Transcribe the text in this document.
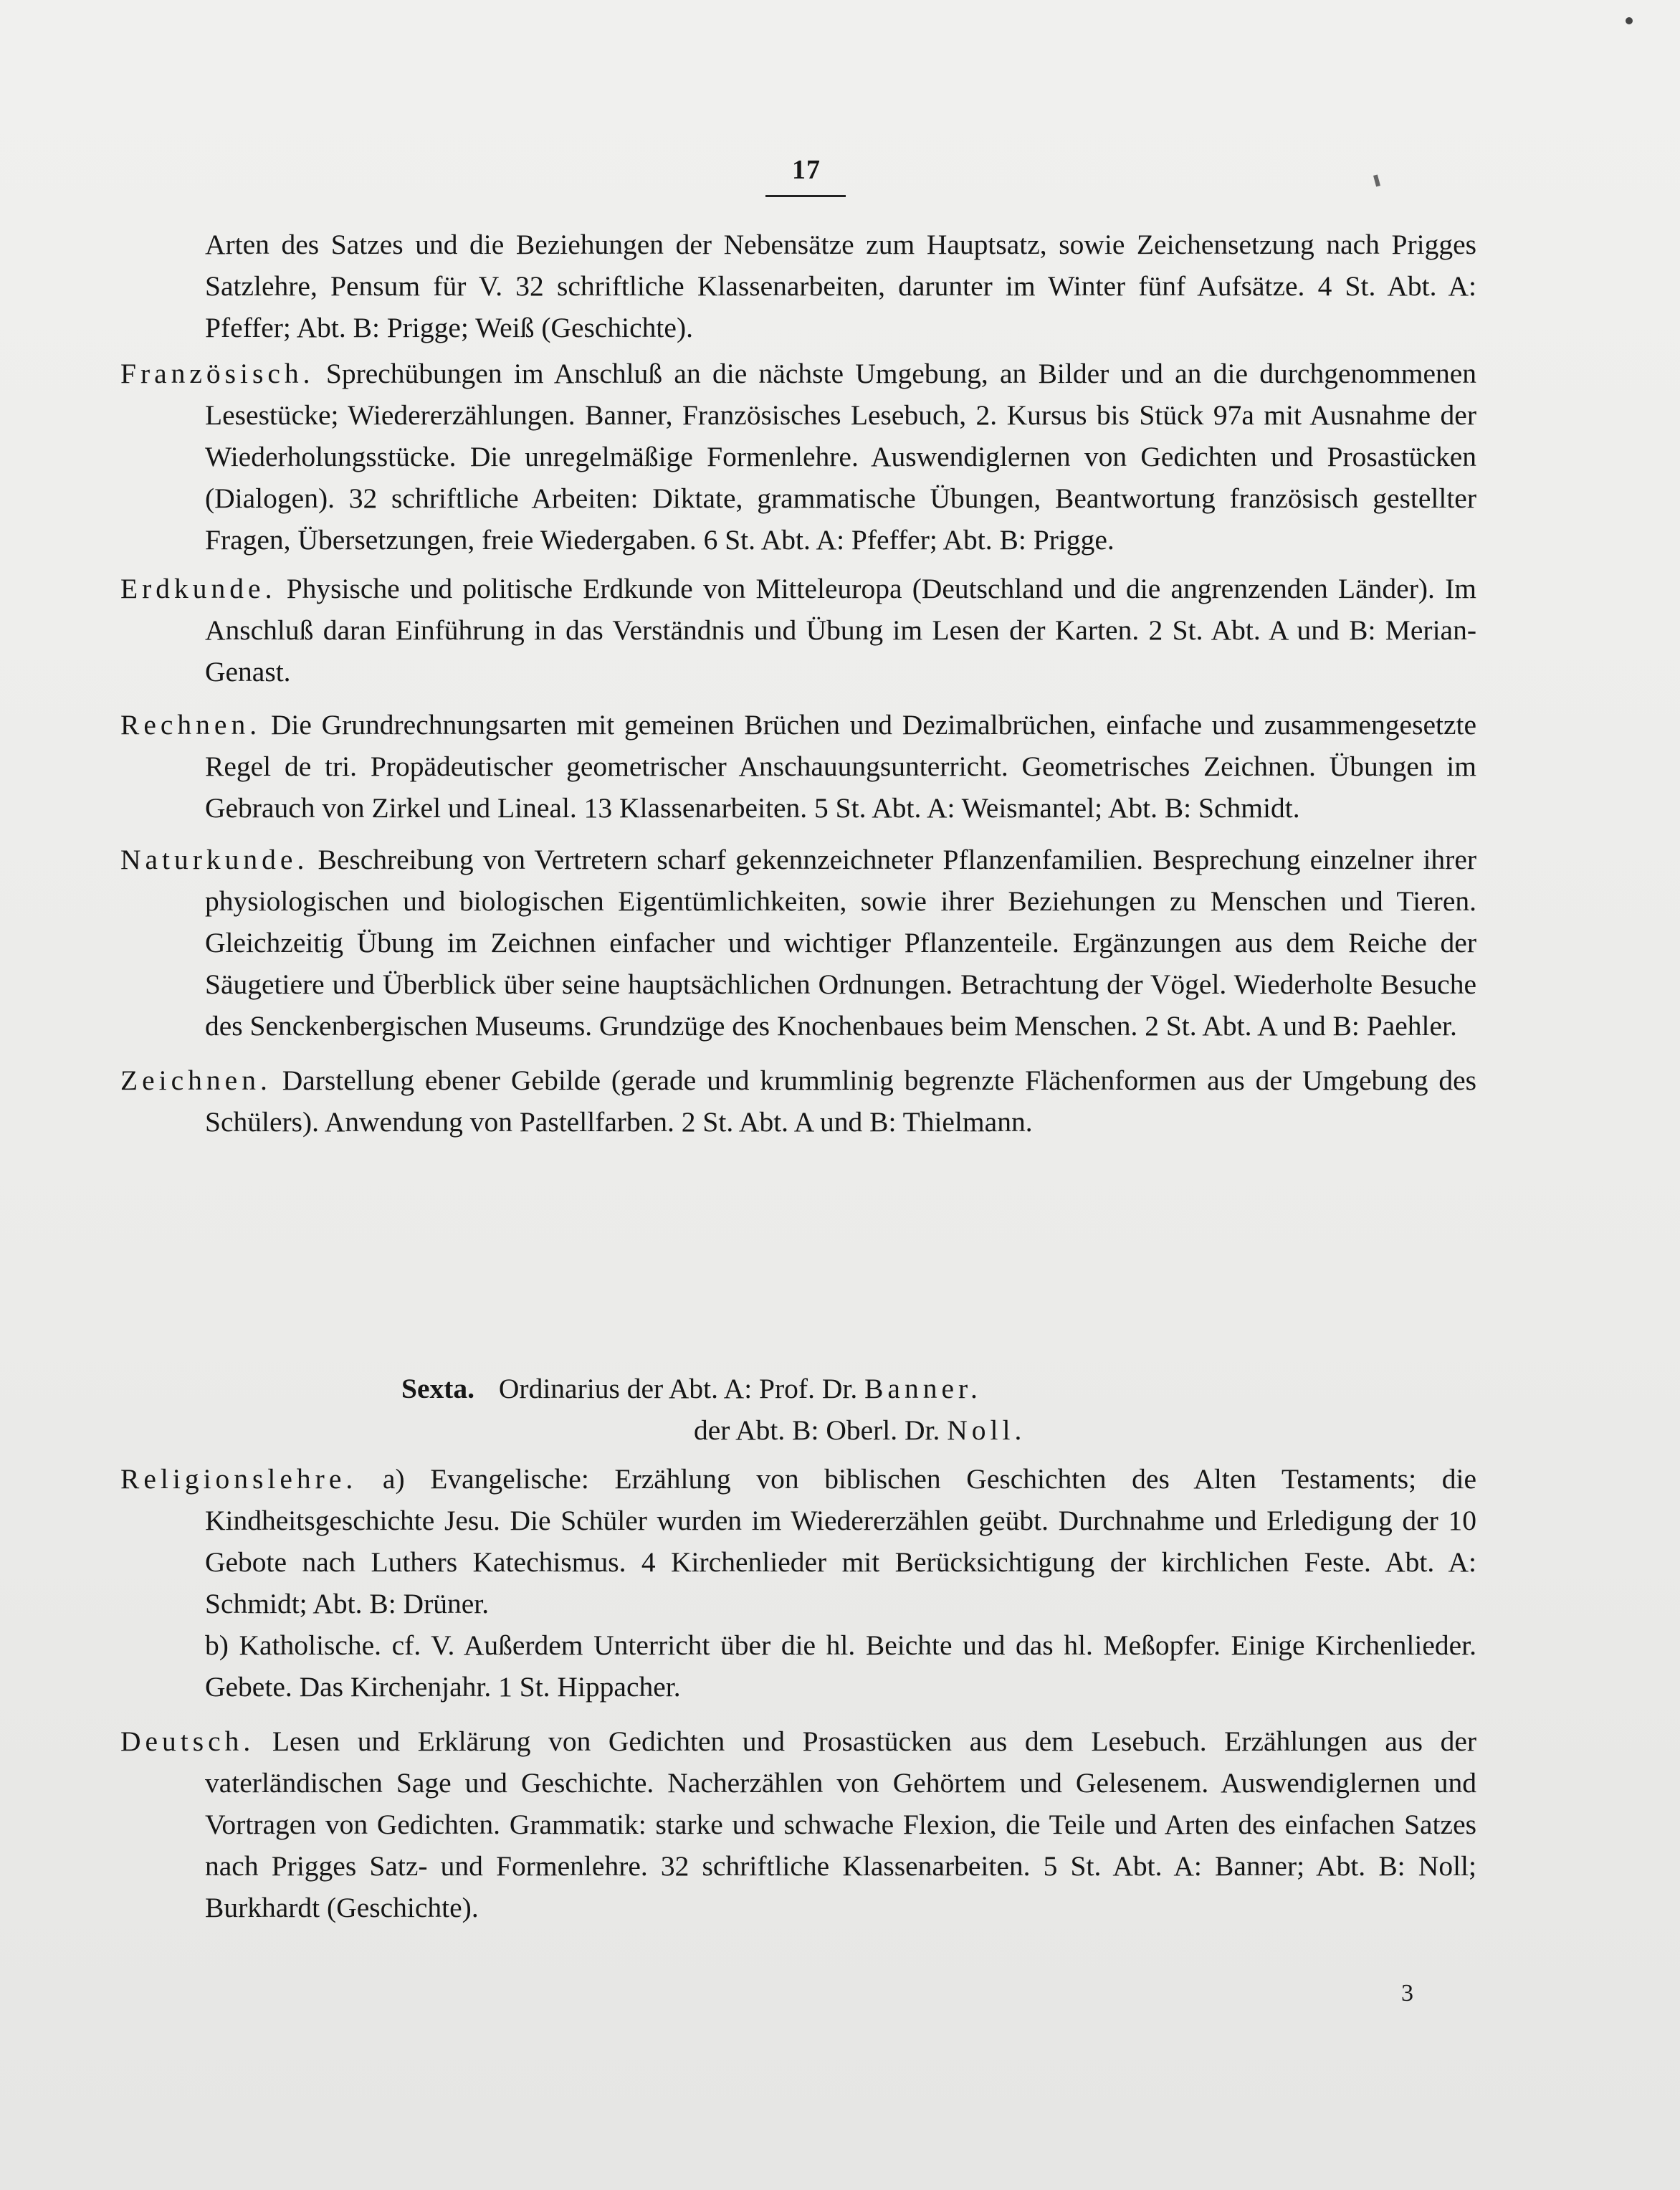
17

Arten des Satzes und die Beziehungen der Nebensätze zum Hauptsatz, sowie Zeichensetzung nach Prigges Satzlehre, Pensum für V. 32 schriftliche Klassenarbeiten, darunter im Winter fünf Aufsätze. 4 St. Abt. A: Pfeffer; Abt. B: Prigge; Weiß (Geschichte).

Französisch. Sprechübungen im Anschluß an die nächste Umgebung, an Bilder und an die durchgenommenen Lesestücke; Wiedererzählungen. Banner, Französisches Lesebuch, 2. Kursus bis Stück 97a mit Ausnahme der Wiederholungsstücke. Die unregelmäßige Formenlehre. Auswendiglernen von Gedichten und Prosastücken (Dialogen). 32 schriftliche Arbeiten: Diktate, grammatische Übungen, Beantwortung französisch gestellter Fragen, Übersetzungen, freie Wiedergaben. 6 St. Abt. A: Pfeffer; Abt. B: Prigge.

Erdkunde. Physische und politische Erdkunde von Mitteleuropa (Deutschland und die angrenzenden Länder). Im Anschluß daran Einführung in das Verständnis und Übung im Lesen der Karten. 2 St. Abt. A und B: Merian-Genast.

Rechnen. Die Grundrechnungsarten mit gemeinen Brüchen und Dezimalbrüchen, einfache und zusammengesetzte Regel de tri. Propädeutischer geometrischer Anschauungsunterricht. Geometrisches Zeichnen. Übungen im Gebrauch von Zirkel und Lineal. 13 Klassenarbeiten. 5 St. Abt. A: Weismantel; Abt. B: Schmidt.

Naturkunde. Beschreibung von Vertretern scharf gekennzeichneter Pflanzenfamilien. Besprechung einzelner ihrer physiologischen und biologischen Eigentümlichkeiten, sowie ihrer Beziehungen zu Menschen und Tieren. Gleichzeitig Übung im Zeichnen einfacher und wichtiger Pflanzenteile. Ergänzungen aus dem Reiche der Säugetiere und Überblick über seine hauptsächlichen Ordnungen. Betrachtung der Vögel. Wiederholte Besuche des Senckenbergischen Museums. Grundzüge des Knochenbaues beim Menschen. 2 St. Abt. A und B: Paehler.

Zeichnen. Darstellung ebener Gebilde (gerade und krummlinig begrenzte Flächenformen aus der Umgebung des Schülers). Anwendung von Pastellfarben. 2 St. Abt. A und B: Thielmann.

Sexta. Ordinarius der Abt. A: Prof. Dr. Banner.
der Abt. B: Oberl. Dr. Noll.

Religionslehre. a) Evangelische: Erzählung von biblischen Geschichten des Alten Testaments; die Kindheitsgeschichte Jesu. Die Schüler wurden im Wiedererzählen geübt. Durchnahme und Erledigung der 10 Gebote nach Luthers Katechismus. 4 Kirchenlieder mit Berücksichtigung der kirchlichen Feste. Abt. A: Schmidt; Abt. B: Drüner.

b) Katholische. cf. V. Außerdem Unterricht über die hl. Beichte und das hl. Meßopfer. Einige Kirchenlieder. Gebete. Das Kirchenjahr. 1 St. Hippacher.

Deutsch. Lesen und Erklärung von Gedichten und Prosastücken aus dem Lesebuch. Erzählungen aus der vaterländischen Sage und Geschichte. Nacherzählen von Gehörtem und Gelesenem. Auswendiglernen und Vortragen von Gedichten. Grammatik: starke und schwache Flexion, die Teile und Arten des einfachen Satzes nach Prigges Satz- und Formenlehre. 32 schriftliche Klassenarbeiten. 5 St. Abt. A: Banner; Abt. B: Noll; Burkhardt (Geschichte).

3
